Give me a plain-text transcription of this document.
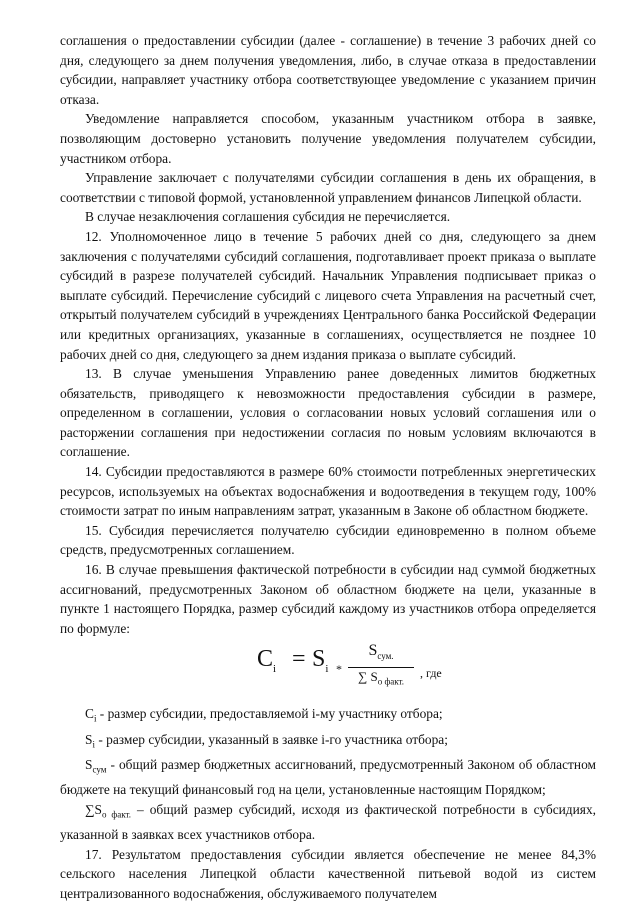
соглашения о предоставлении субсидии (далее - соглашение) в течение 3 рабочих дней со дня, следующего за днем получения уведомления, либо, в случае отказа в предоставлении субсидии, направляет участнику отбора соответствующее уведомление с указанием причин отказа.

Уведомление направляется способом, указанным участником отбора в заявке, позволяющим достоверно установить получение уведомления получателем субсидии, участником отбора.

Управление заключает с получателями субсидии соглашения в день их обращения, в соответствии с типовой формой, установленной управлением финансов Липецкой области.

В случае незаключения соглашения субсидия не перечисляется.

12. Уполномоченное лицо в течение 5 рабочих дней со дня, следующего за днем заключения с получателями субсидий соглашения, подготавливает проект приказа о выплате субсидий в разрезе получателей субсидий. Начальник Управления подписывает приказ о выплате субсидий. Перечисление субсидий с лицевого счета Управления на расчетный счет, открытый получателем субсидий в учреждениях Центрального банка Российской Федерации или кредитных организациях, указанные в соглашениях, осуществляется не позднее 10 рабочих дней со дня, следующего за днем издания приказа о выплате субсидий.

13. В случае уменьшения Управлению ранее доведенных лимитов бюджетных обязательств, приводящего к невозможности предоставления субсидии в размере, определенном в соглашении, условия о согласовании новых условий соглашения или о расторжении соглашения при недостижении согласия по новым условиям включаются в соглашение.

14. Субсидии предоставляются в размере 60% стоимости потребленных энергетических ресурсов, используемых на объектах водоснабжения и водоотведения в текущем году, 100% стоимости затрат по иным направлениям затрат, указанным в Законе об областном бюджете.

15. Субсидия перечисляется получателю субсидии единовременно в полном объеме средств, предусмотренных соглашением.

16. В случае превышения фактической потребности в субсидии над суммой бюджетных ассигнований, предусмотренных Законом об областном бюджете на цели, указанные в пункте 1 настоящего Порядка, размер субсидий каждому из участников отбора определяется по формуле:

$C_i = S_i$ *
$S_{сум.}$
∑ $S_{о факт.}$
, где

$C_i$ - размер субсидии, предоставляемой i-му участнику отбора;

$S_i$ - размер субсидии, указанный в заявке i-го участника отбора;

$S_{сум}$ - общий размер бюджетных ассигнований, предусмотренный Законом об областном бюджете на текущий финансовый год на цели, установленные настоящим Порядком;

$\sum S_{о факт.}$ – общий размер субсидий, исходя из фактической потребности в субсидиях, указанной в заявках всех участников отбора.

17. Результатом предоставления субсидии является обеспечение не менее 84,3% сельского населения Липецкой области качественной питьевой водой из систем централизованного водоснабжения, обслуживаемого получателем
